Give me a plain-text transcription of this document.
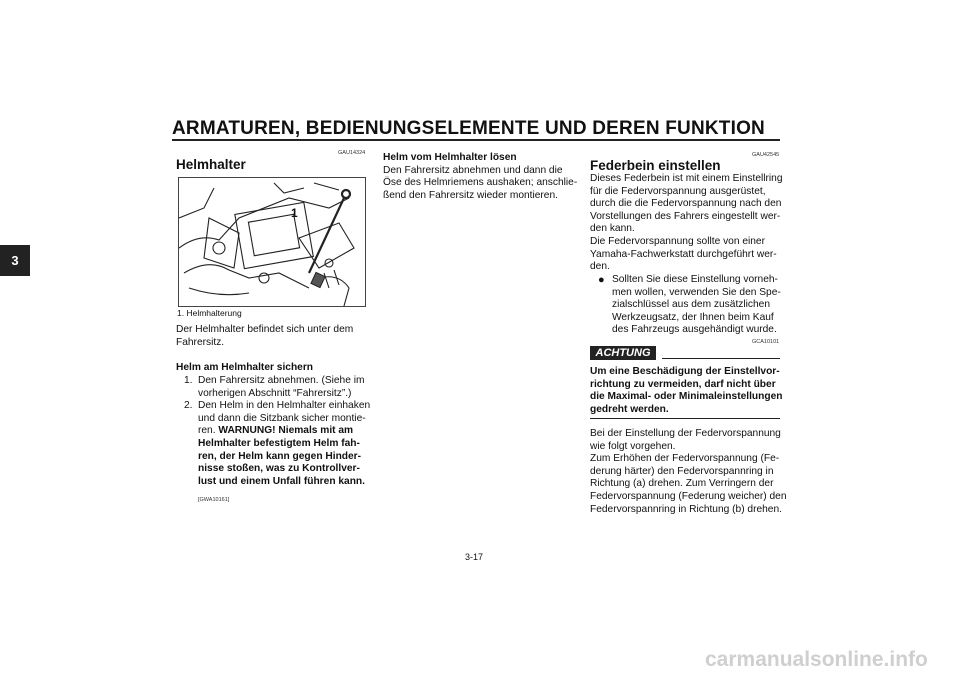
ARMATUREN, BEDIENUNGSELEMENTE UND DEREN FUNKTION
3
GAU14324
Helmhalter
1
1. Helmhalterung
Der Helmhalter befindet sich unter dem
Fahrersitz.
Helm am Helmhalter sichern
1. Den Fahrersitz abnehmen. (Siehe im
vorherigen Abschnitt “Fahrersitz”.)
2. Den Helm in den Helmhalter einhaken
und dann die Sitzbank sicher montie-
ren. WARNUNG! Niemals mit am
Helmhalter befestigtem Helm fah-
ren, der Helm kann gegen Hinder-
nisse stoßen, was zu Kontrollver-
lust und einem Unfall führen kann.
[GWA10161]
Helm vom Helmhalter lösen
Den Fahrersitz abnehmen und dann die
Öse des Helmriemens aushaken; anschlie-
ßend den Fahrersitz wieder montieren.
GAU42545
Federbein einstellen
Dieses Federbein ist mit einem Einstellring
für die Federvorspannung ausgerüstet,
durch die die Federvorspannung nach den
Vorstellungen des Fahrers eingestellt wer-
den kann.
Die Federvorspannung sollte von einer
Yamaha-Fachwerkstatt durchgeführt wer-
den.
● Sollten Sie diese Einstellung vorneh-
men wollen, verwenden Sie den Spe-
zialschlüssel aus dem zusätzlichen
Werkzeugsatz, der Ihnen beim Kauf
des Fahrzeugs ausgehändigt wurde.
ACHTUNG
GCA10101
Um eine Beschädigung der Einstellvor-
richtung zu vermeiden, darf nicht über
die Maximal- oder Minimaleinstellungen
gedreht werden.
Bei der Einstellung der Federvorspannung
wie folgt vorgehen.
Zum Erhöhen der Federvorspannung (Fe-
derung härter) den Federvorspannring in
Richtung (a) drehen. Zum Verringern der
Federvorspannung (Federung weicher) den
Federvorspannring in Richtung (b) drehen.
3-17
carmanualsonline.info
